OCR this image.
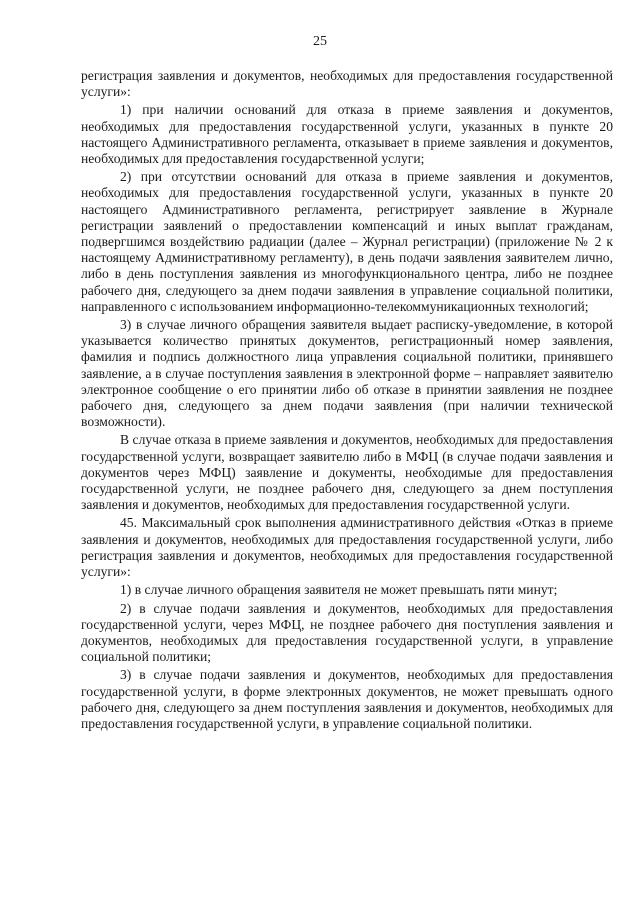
25

регистрация заявления и документов, необходимых для предоставления государственной услуги»:

1) при наличии оснований для отказа в приеме заявления и документов, необходимых для предоставления государственной услуги, указанных в пункте 20 настоящего Административного регламента, отказывает в приеме заявления и документов, необходимых для предоставления государственной услуги;

2) при отсутствии оснований для отказа в приеме заявления и документов, необходимых для предоставления государственной услуги, указанных в пункте 20 настоящего Административного регламента, регистрирует заявление в Журнале регистрации заявлений о предоставлении компенсаций и иных выплат гражданам, подвергшимся воздействию радиации (далее – Журнал регистрации) (приложение № 2 к настоящему Административному регламенту), в день подачи заявления заявителем лично, либо в день поступления заявления из многофункционального центра, либо не позднее рабочего дня, следующего за днем подачи заявления в управление социальной политики, направленного с использованием информационно-телекоммуникационных технологий;

3) в случае личного обращения заявителя выдает расписку-уведомление, в которой указывается количество принятых документов, регистрационный номер заявления, фамилия и подпись должностного лица управления социальной политики, принявшего заявление, а в случае поступления заявления в электронной форме – направляет заявителю электронное сообщение о его принятии либо об отказе в принятии заявления не позднее рабочего дня, следующего за днем подачи заявления (при наличии технической возможности).

В случае отказа в приеме заявления и документов, необходимых для предоставления государственной услуги, возвращает заявителю либо в МФЦ (в случае подачи заявления и документов через МФЦ) заявление и документы, необходимые для предоставления государственной услуги, не позднее рабочего дня, следующего за днем поступления заявления и документов, необходимых для предоставления государственной услуги.

45. Максимальный срок выполнения административного действия «Отказ в приеме заявления и документов, необходимых для предоставления государственной услуги, либо регистрация заявления и документов, необходимых для предоставления государственной услуги»:

1) в случае личного обращения заявителя не может превышать пяти минут;

2) в случае подачи заявления и документов, необходимых для предоставления государственной услуги, через МФЦ, не позднее рабочего дня поступления заявления и документов, необходимых для предоставления государственной услуги, в управление социальной политики;

3) в случае подачи заявления и документов, необходимых для предоставления государственной услуги, в форме электронных документов, не может превышать одного рабочего дня, следующего за днем поступления заявления и документов, необходимых для предоставления государственной услуги, в управление социальной политики.
